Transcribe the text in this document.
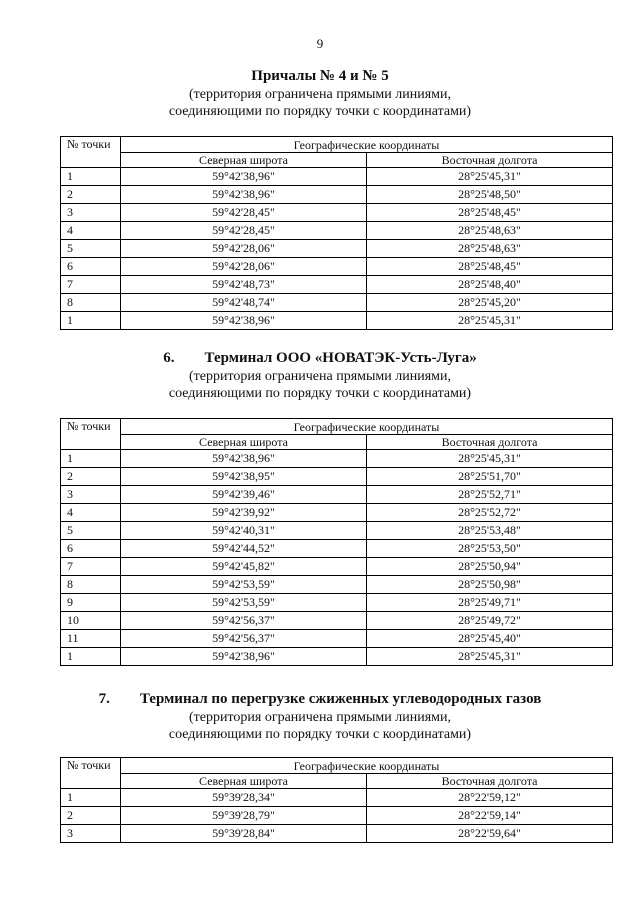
9
Причалы № 4 и № 5
(территория ограничена прямыми линиями,
соединяющими по порядку точки с координатами)
№ точки	Географические координаты	
	Северная широта	Восточная долгота
1	59°42'38,96"	28°25'45,31"
2	59°42'38,96"	28°25'48,50"
3	59°42'28,45"	28°25'48,45"
4	59°42'28,45"	28°25'48,63"
5	59°42'28,06"	28°25'48,63"
6	59°42'28,06"	28°25'48,45"
7	59°42'48,73"	28°25'48,40"
8	59°42'48,74"	28°25'45,20"
1	59°42'38,96"	28°25'45,31"
6. Терминал ООО «НОВАТЭК-Усть-Луга»
(территория ограничена прямыми линиями,
соединяющими по порядку точки с координатами)
№ точки	Географические координаты	
	Северная широта	Восточная долгота
1	59°42'38,96"	28°25'45,31"
2	59°42'38,95"	28°25'51,70"
3	59°42'39,46"	28°25'52,71"
4	59°42'39,92"	28°25'52,72"
5	59°42'40,31"	28°25'53,48"
6	59°42'44,52"	28°25'53,50"
7	59°42'45,82"	28°25'50,94"
8	59°42'53,59"	28°25'50,98"
9	59°42'53,59"	28°25'49,71"
10	59°42'56,37"	28°25'49,72"
11	59°42'56,37"	28°25'45,40"
1	59°42'38,96"	28°25'45,31"
7. Терминал по перегрузке сжиженных углеводородных газов
(территория ограничена прямыми линиями,
соединяющими по порядку точки с координатами)
№ точки	Географические координаты	
	Северная широта	Восточная долгота
1	59°39'28,34"	28°22'59,12"
2	59°39'28,79"	28°22'59,14"
3	59°39'28,84"	28°22'59,64"
